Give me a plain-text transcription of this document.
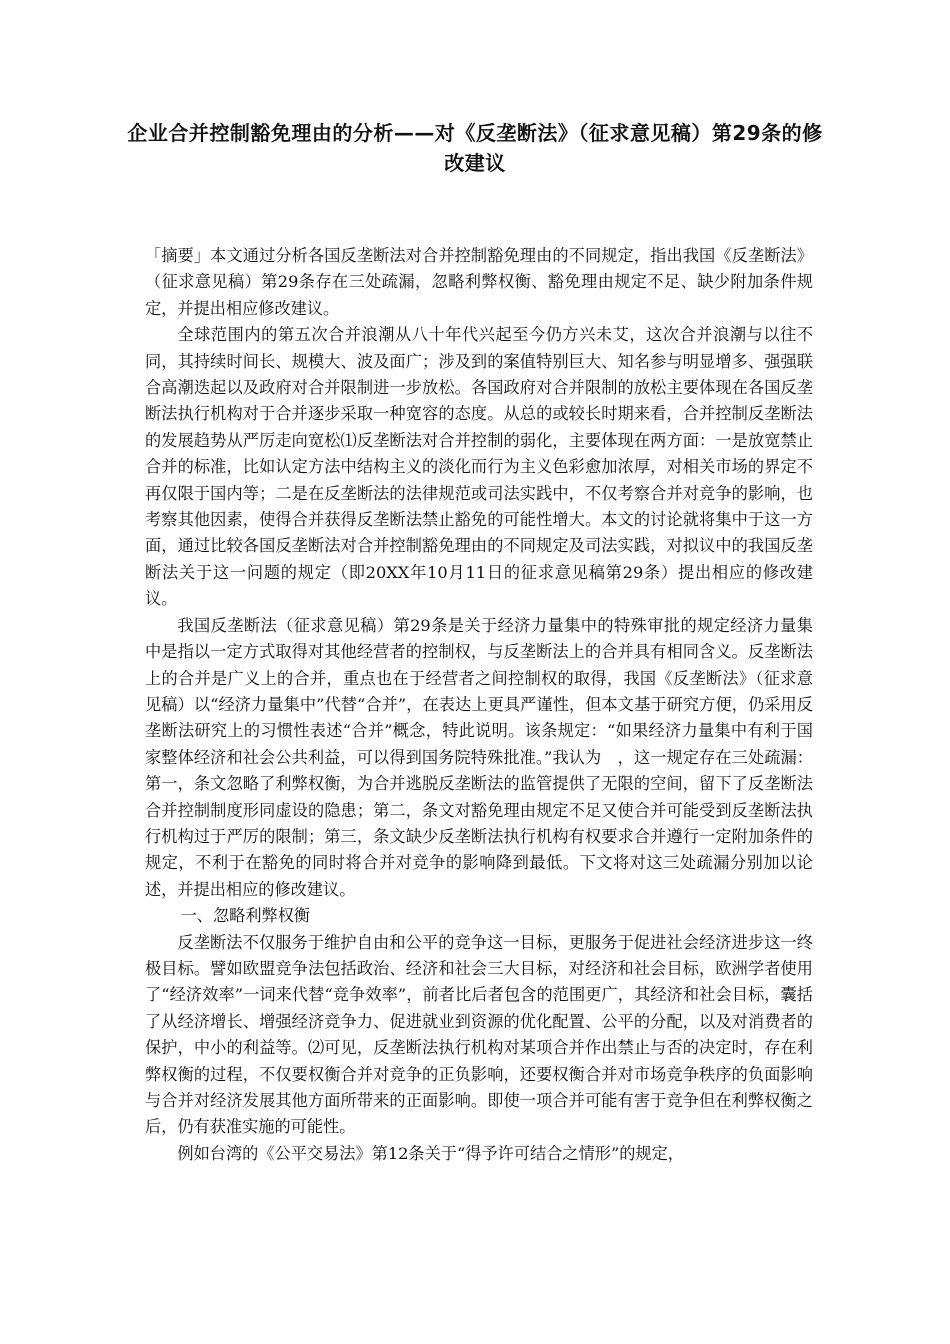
企业合并控制豁免理由的分析——对《反垄断法》（征求意见稿）第29条的修改建议

「摘要」本文通过分析各国反垄断法对合并控制豁免理由的不同规定，指出我国《反垄断法》（征求意见稿）第29条存在三处疏漏，忽略利弊权衡、豁免理由规定不足、缺少附加条件规定，并提出相应修改建议。

全球范围内的第五次合并浪潮从八十年代兴起至今仍方兴未艾，这次合并浪潮与以往不同，其持续时间长、规模大、波及面广；涉及到的案值特别巨大、知名参与明显增多、强强联合高潮迭起以及政府对合并限制进一步放松。各国政府对合并限制的放松主要体现在各国反垄断法执行机构对于合并逐步采取一种宽容的态度。从总的或较长时期来看，合并控制反垄断法的发展趋势从严厉走向宽松⑴反垄断法对合并控制的弱化，主要体现在两方面：一是放宽禁止合并的标准，比如认定方法中结构主义的淡化而行为主义色彩愈加浓厚，对相关市场的界定不再仅限于国内等；二是在反垄断法的法律规范或司法实践中，不仅考察合并对竞争的影响，也考察其他因素，使得合并获得反垄断法禁止豁免的可能性增大。本文的讨论就将集中于这一方面，通过比较各国反垄断法对合并控制豁免理由的不同规定及司法实践，对拟议中的我国反垄断法关于这一问题的规定（即20XX年10月11日的征求意见稿第29条）提出相应的修改建议。

我国反垄断法（征求意见稿）第29条是关于经济力量集中的特殊审批的规定经济力量集中是指以一定方式取得对其他经营者的控制权，与反垄断法上的合并具有相同含义。反垄断法上的合并是广义上的合并，重点也在于经营者之间控制权的取得，我国《反垄断法》（征求意见稿）以“经济力量集中”代替“合并”，在表达上更具严谨性，但本文基于研究方便，仍采用反垄断法研究上的习惯性表述“合并”概念，特此说明。该条规定：“如果经济力量集中有利于国家整体经济和社会公共利益，可以得到国务院特殊批准。”我认为　，这一规定存在三处疏漏：第一，条文忽略了利弊权衡，为合并逃脱反垄断法的监管提供了无限的空间，留下了反垄断法合并控制制度形同虚设的隐患；第二，条文对豁免理由规定不足又使合并可能受到反垄断法执行机构过于严厉的限制；第三，条文缺少反垄断法执行机构有权要求合并遵行一定附加条件的规定，不利于在豁免的同时将合并对竞争的影响降到最低。下文将对这三处疏漏分别加以论述，并提出相应的修改建议。

一、忽略利弊权衡

反垄断法不仅服务于维护自由和公平的竞争这一目标，更服务于促进社会经济进步这一终极目标。譬如欧盟竞争法包括政治、经济和社会三大目标，对经济和社会目标，欧洲学者使用了“经济效率”一词来代替“竞争效率”，前者比后者包含的范围更广，其经济和社会目标，囊括了从经济增长、增强经济竞争力、促进就业到资源的优化配置、公平的分配，以及对消费者的保护，中小的利益等。⑵可见，反垄断法执行机构对某项合并作出禁止与否的决定时，存在利弊权衡的过程，不仅要权衡合并对竞争的正负影响，还要权衡合并对市场竞争秩序的负面影响与合并对经济发展其他方面所带来的正面影响。即使一项合并可能有害于竞争但在利弊权衡之后，仍有获准实施的可能性。

例如台湾的《公平交易法》第12条关于“得予许可结合之情形”的规定，
